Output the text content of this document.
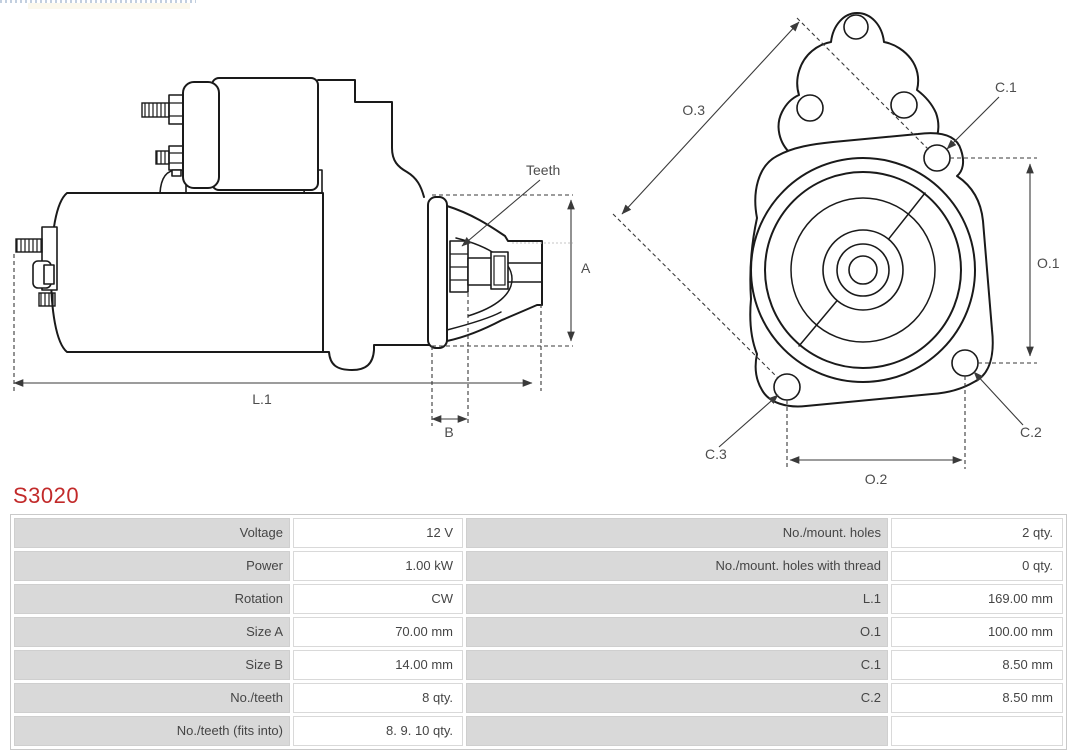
Teeth
A
L.1
B
O.3
C.1
O.1
C.2
C.3
O.2
S3020
Voltage	12 V	No./mount. holes	2 qty.
Power	1.00 kW	No./mount. holes with thread	0 qty.
Rotation	CW	L.1	169.00 mm
Size A	70.00 mm	O.1	100.00 mm
Size B	14.00 mm	C.1	8.50 mm
No./teeth	8 qty.	C.2	8.50 mm
No./teeth (fits into)	8. 9. 10 qty.
